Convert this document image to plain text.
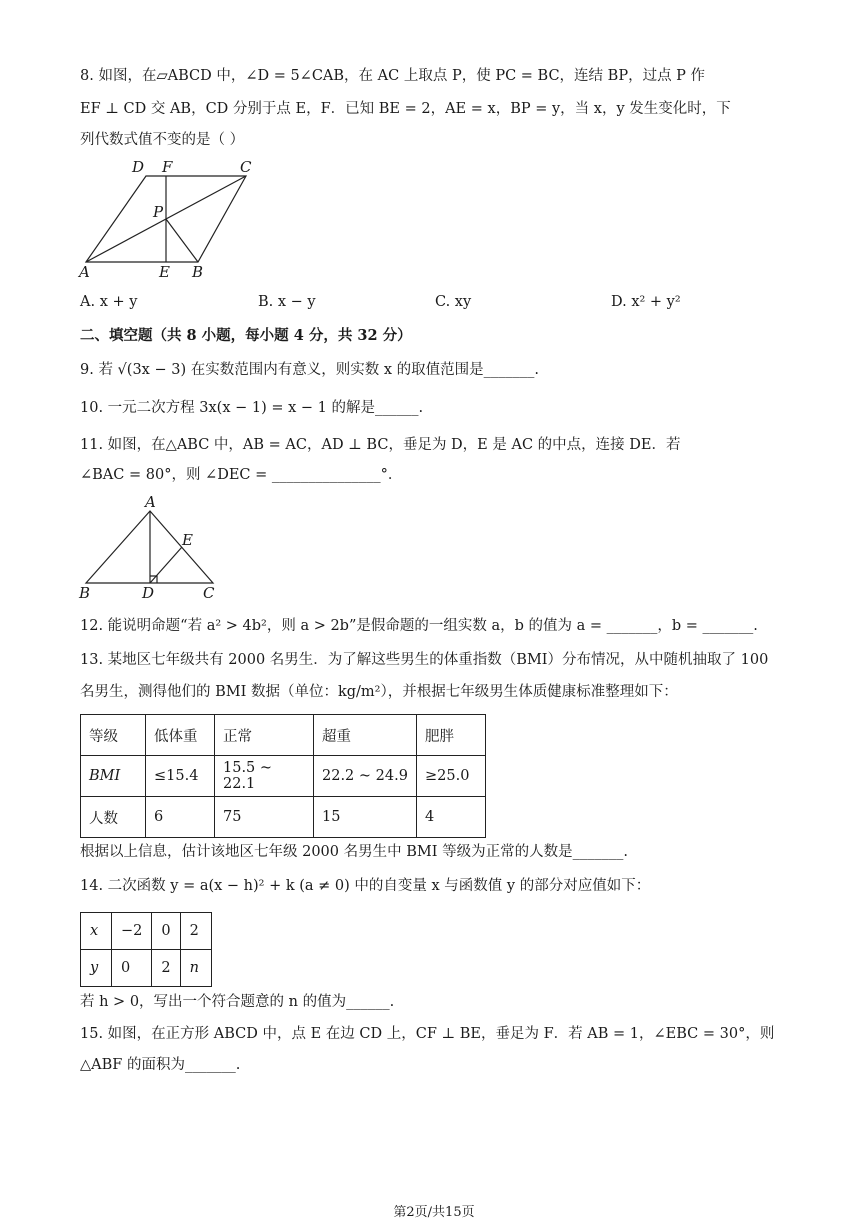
8. 如图，在▱ABCD 中，∠D = 5∠CAB，在 AC 上取点 P，使 PC = BC，连结 BP，过点 P 作
EF ⊥ CD 交 AB，CD 分别于点 E，F．已知 BE = 2，AE = x，BP = y，当 x，y 发生变化时，下
列代数式值不变的是（ ）
D F	C
P
A	E B
A. x + y	B. x − y	C. xy	D. x² + y²
二、填空题（共 8 小题，每小题 4 分，共 32 分）
9. 若 √(3x − 3) 在实数范围内有意义，则实数 x 的取值范围是_______.
10. 一元二次方程 3x(x − 1) = x − 1 的解是______.
11. 如图，在△ABC 中，AB = AC，AD ⊥ BC，垂足为 D，E 是 AC 的中点，连接 DE．若
∠BAC = 80°，则 ∠DEC = _______________°．
A
E
B	D	C
12. 能说明命题“若 a² > 4b²，则 a > 2b”是假命题的一组实数 a，b 的值为 a = _______，b = _______.
13. 某地区七年级共有 2000 名男生．为了解这些男生的体重指数（BMI）分布情况，从中随机抽取了 100
名男生，测得他们的 BMI 数据（单位：kg/m²），并根据七年级男生体质健康标准整理如下：
等级	低体重	正常	超重	肥胖
BMI	≤15.4	15.5 ~ 22.1	22.2 ~ 24.9	≥25.0
人数	6	75	15	4
根据以上信息，估计该地区七年级 2000 名男生中 BMI 等级为正常的人数是_______.
14. 二次函数 y = a(x − h)² + k (a ≠ 0) 中的自变量 x 与函数值 y 的部分对应值如下：
x	−2	0	2
y	0	2	n
若 h > 0，写出一个符合题意的 n 的值为______.
15. 如图，在正方形 ABCD 中，点 E 在边 CD 上，CF ⊥ BE，垂足为 F．若 AB = 1，∠EBC = 30°，则
△ABF 的面积为_______.
第2页/共15页
